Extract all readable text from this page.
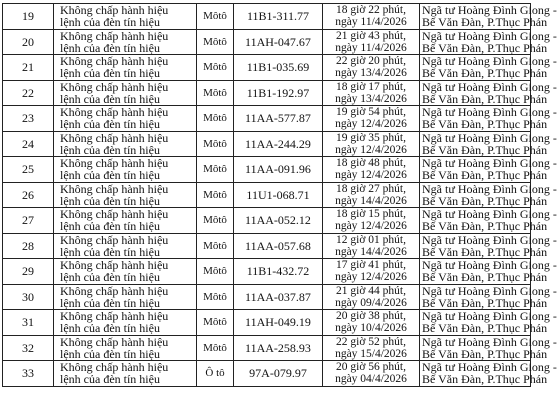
19	Không chấp hành hiệu
lệnh của đèn tín hiệu	Môtô	11B1-311.77	18 giờ 22 phút,
ngày 11/4/2026	Ngã tư Hoàng Đình Giong -
Bế Văn Đàn, P.Thục Phán

20	Không chấp hành hiệu
lệnh của đèn tín hiệu	Môtô	11AH-047.67	21 giờ 43 phút,
ngày 11/4/2026	Ngã tư Hoàng Đình Giong -
Bế Văn Đàn, P.Thục Phán

21	Không chấp hành hiệu
lệnh của đèn tín hiệu	Môtô	11B1-035.69	22 giờ 20 phút,
ngày 13/4/2026	Ngã tư Hoàng Đình Giong -
Bế Văn Đàn, P.Thục Phán

22	Không chấp hành hiệu
lệnh của đèn tín hiệu	Môtô	11B1-192.97	18 giờ 17 phút,
ngày 13/4/2026	Ngã tư Hoàng Đình Giong -
Bế Văn Đàn, P.Thục Phán

23	Không chấp hành hiệu
lệnh của đèn tín hiệu	Môtô	11AA-577.87	19 giờ 54 phút,
ngày 12/4/2026	Ngã tư Hoàng Đình Giong -
Bế Văn Đàn, P.Thục Phán

24	Không chấp hành hiệu
lệnh của đèn tín hiệu	Môtô	11AA-244.29	19 giờ 35 phút,
ngày 12/4/2026	Ngã tư Hoàng Đình Giong -
Bế Văn Đàn, P.Thục Phán

25	Không chấp hành hiệu
lệnh của đèn tín hiệu	Môtô	11AA-091.96	18 giờ 48 phút,
ngày 12/4/2026	Ngã tư Hoàng Đình Giong -
Bế Văn Đàn, P.Thục Phán

26	Không chấp hành hiệu
lệnh của đèn tín hiệu	Môtô	11U1-068.71	18 giờ 27 phút,
ngày 14/4/2026	Ngã tư Hoàng Đình Giong -
Bế Văn Đàn, P.Thục Phán

27	Không chấp hành hiệu
lệnh của đèn tín hiệu	Môtô	11AA-052.12	18 giờ 15 phút,
ngày 12/4/2026	Ngã tư Hoàng Đình Giong -
Bế Văn Đàn, P.Thục Phán

28	Không chấp hành hiệu
lệnh của đèn tín hiệu	Môtô	11AA-057.68	12 giờ 01 phút,
ngày 14/4/2026	Ngã tư Hoàng Đình Giong -
Bế Văn Đàn, P.Thục Phán

29	Không chấp hành hiệu
lệnh của đèn tín hiệu	Môtô	11B1-432.72	17 giờ 41 phút,
ngày 12/4/2026	Ngã tư Hoàng Đình Giong -
Bế Văn Đàn, P.Thục Phán

30	Không chấp hành hiệu
lệnh của đèn tín hiệu	Môtô	11AA-037.87	21 giờ 44 phút,
ngày 09/4/2026	Ngã tư Hoàng Đình Giong -
Bế Văn Đàn, P.Thục Phán

31	Không chấp hành hiệu
lệnh của đèn tín hiệu	Môtô	11AH-049.19	20 giờ 38 phút,
ngày 10/4/2026	Ngã tư Hoàng Đình Giong -
Bế Văn Đàn, P.Thục Phán

32	Không chấp hành hiệu
lệnh của đèn tín hiệu	Môtô	11AA-258.93	22 giờ 52 phút,
ngày 15/4/2026	Ngã tư Hoàng Đình Giong -
Bế Văn Đàn, P.Thục Phán

33	Không chấp hành hiệu
lệnh của đèn tín hiệu	Ô tô	97A-079.97	20 giờ 56 phút,
ngày 04/4/2026	Ngã tư Hoàng Đình Giong -
Bế Văn Đàn, P.Thục Phán
